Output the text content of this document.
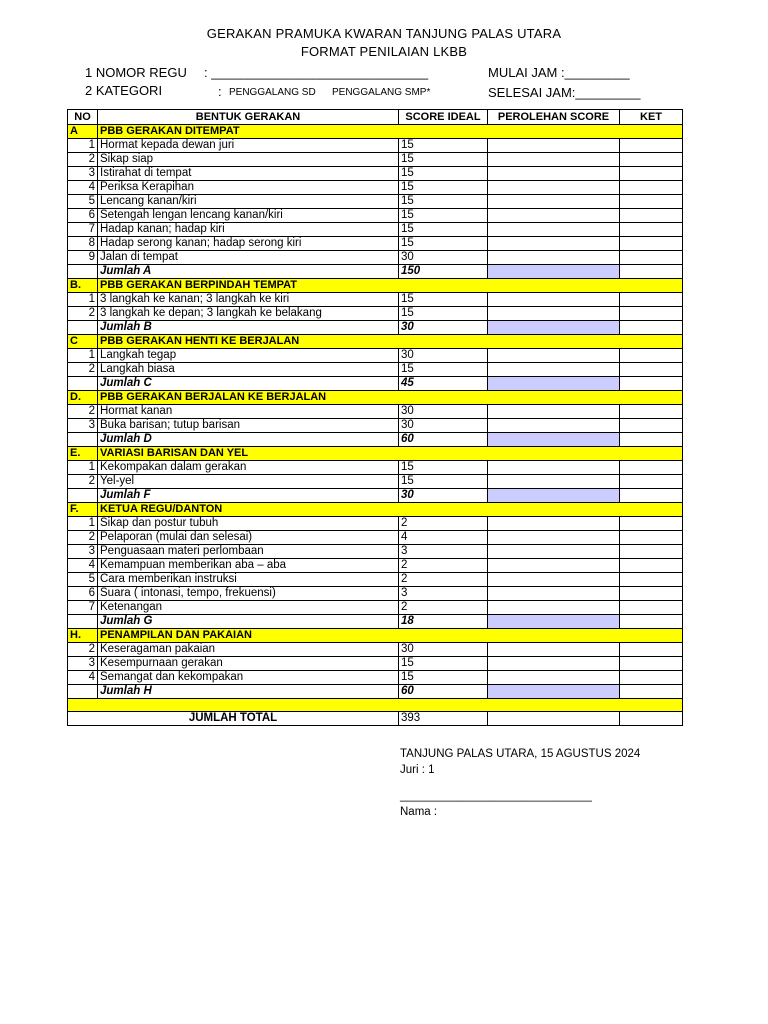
GERAKAN PRAMUKA KWARAN TANJUNG PALAS UTARA
FORMAT PENILAIAN LKBB
1 NOMOR REGU : ______________________________	MULAI JAM :_________
2 KATEGORI	: PENGGALANG SD PENGGALANG SMP*	SELESAI JAM:_________
NO	BENTUK GERAKAN	SCORE IDEAL	PEROLEHAN SCORE	KET
A	PBB GERAKAN DITEMPAT			
1	Hormat kepada dewan juri	15		
2	Sikap siap	15		
3	Istirahat di tempat	15		
4	Periksa Kerapihan	15		
5	Lencang kanan/kiri	15		
6	Setengah lengan lencang kanan/kiri	15		
7	Hadap kanan; hadap kiri	15		
8	Hadap serong kanan; hadap serong kiri	15		
9	Jalan di tempat	30		
	Jumlah A	150		
B.	PBB GERAKAN BERPINDAH TEMPAT			
1	3 langkah ke kanan; 3 langkah ke kiri	15		
2	3 langkah ke depan; 3 langkah ke belakang	15		
	Jumlah B	30		
C	PBB GERAKAN HENTI KE BERJALAN			
1	Langkah tegap	30		
2	Langkah biasa	15		
	Jumlah C	45		
D.	PBB GERAKAN BERJALAN KE BERJALAN			
2	Hormat kanan	30		
3	Buka barisan; tutup barisan	30		
	Jumlah D	60		
E.	VARIASI BARISAN DAN YEL			
1	Kekompakan dalam gerakan	15		
2	Yel-yel	15		
	Jumlah F	30		
F.	KETUA REGU/DANTON			
1	Sikap dan postur tubuh	2		
2	Pelaporan (mulai dan selesai)	4		
3	Penguasaan materi perlombaan	3		
4	Kemampuan memberikan aba – aba	2		
5	Cara memberikan instruksi	2		
6	Suara ( intonasi, tempo, frekuensi)	3		
7	Ketenangan	2		
	Jumlah G	18		
H.	PENAMPILAN DAN PAKAIAN			
2	Keseragaman pakaian	30		
3	Kesempurnaan gerakan	15		
4	Semangat dan kekompakan	15		
	Jumlah H	60		

JUMLAH TOTAL		393		
TANJUNG PALAS UTARA, 15 AGUSTUS 2024
Juri : 1
______________________________
Nama :
